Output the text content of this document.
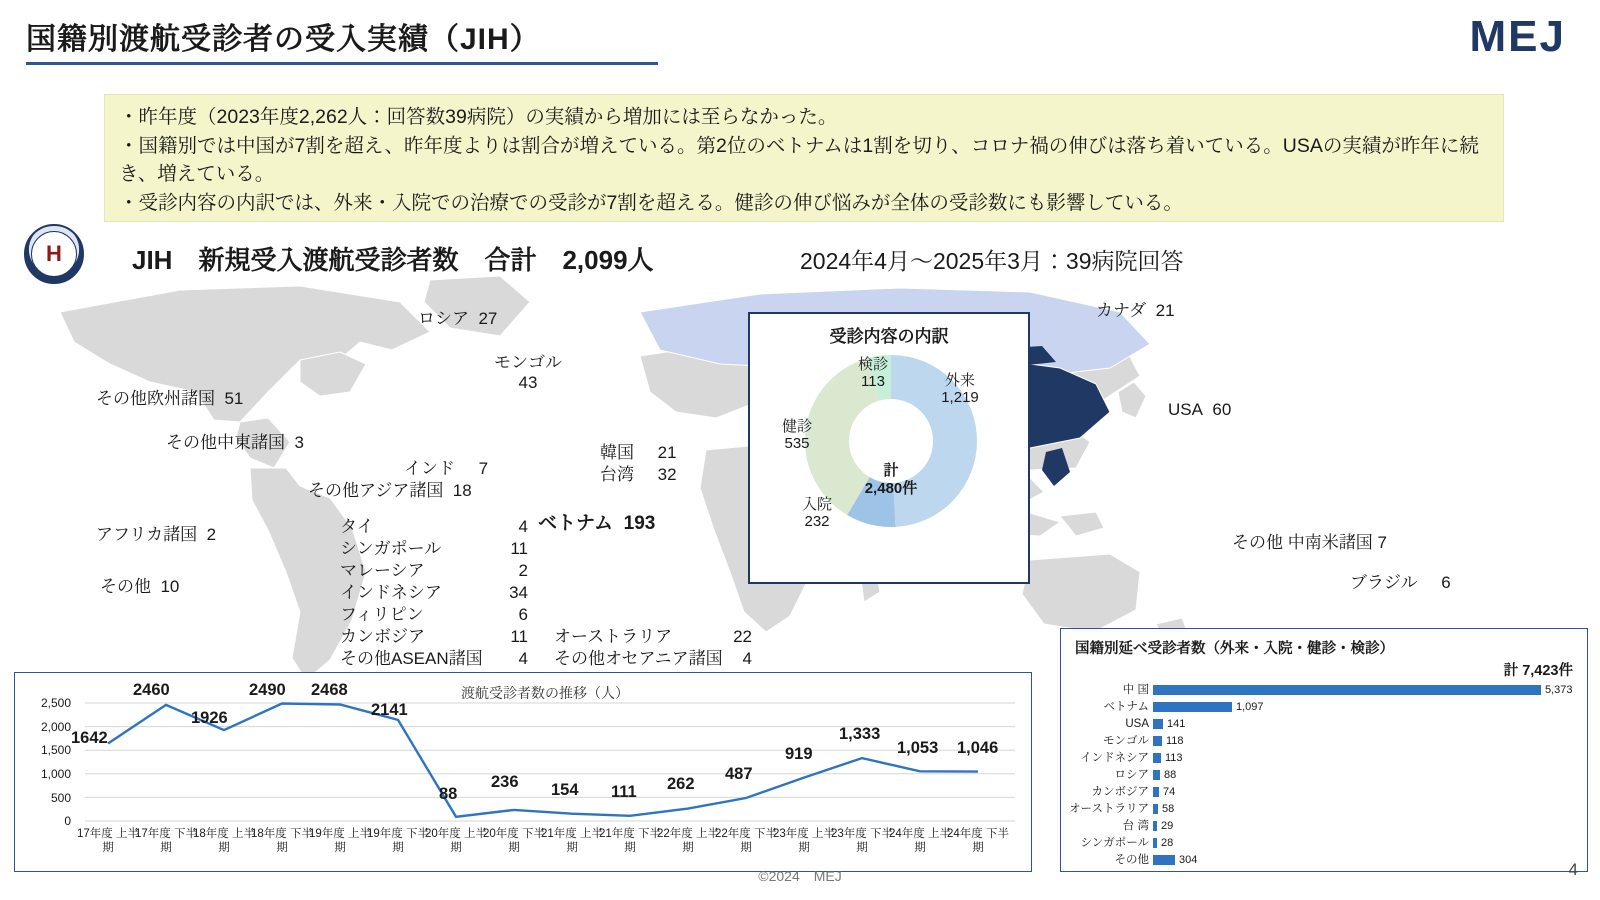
国籍別渡航受診者の受入実績（JIH）	MEJ
・昨年度（2023年度2,262人：回答数39病院）の実績から増加には至らなかった。
・国籍別では中国が7割を超え、昨年度よりは割合が増えている。第2位のベトナムは1割を切り、コロナ禍の伸びは落ち着いている。USAの実績が昨年に続き、増えている。
・受診内容の内訳では、外来・入院での治療での受診が7割を超える。健診の伸び悩みが全体の受診数にも影響している。
H	JIH　新規受入渡航受診者数　合計　2,099人	2024年4月〜2025年3月：39病院回答
ロシア 27
モンゴル

43
その他欧州諸国 51
その他中東諸国 3
中国 1,500
インド 7
その他アジア諸国 18
韓国 21
台湾 32
ベトナム 193
アフリカ諸国 2
その他 10
タイ	4
シンガポール	11
マレーシア	2
インドネシア	34
フィリピン	6
カンボジア	11
その他ASEAN諸国 4
オーストラリア	22
その他オセアニア諸国 4
カナダ 21
USA 60
その他 中南米諸国 7
ブラジル 6
受診内容の内訳
外来
1,219
入院
232
健診
535
検診
113
計
2,480件
渡航受診者数の推移（人）
2,500
2,000
1,500
1,000
500
0
1642
2460
1926
2490 2468
2141
88
236 154 111 262
487
919
1,333
1,053 1,046
17年度 上半期
17年度 下半期
18年度 上半期
18年度 下半期
19年度 上半期
19年度 下半期
20年度 上半期
20年度 下半期
21年度 上半期
21年度 下半期
22年度 上半期
22年度 下半期
23年度 上半期
23年度 下半期
24年度 上半期
24年度 下半期
国籍別延べ受診者数（外来・入院・健診・検診）
計 7,423件
中 国	5,373
ベトナム	1,097
USA 141
モンゴル 118
インドネシア 113
ロシア 88
カンボジア 74
オーストラリア 58
台 湾 29
シンガポール 28
その他	304
©2024　MEJ	4
